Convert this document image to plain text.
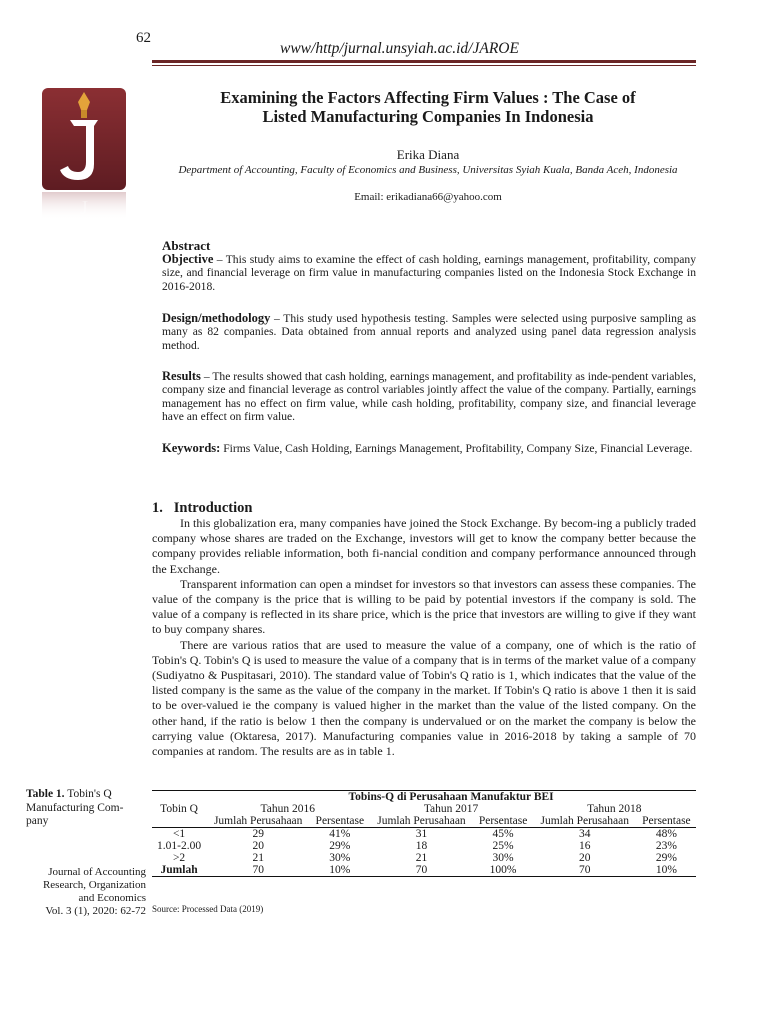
62
www/http/jurnal.unsyiah.ac.id/JAROE
J
Examining the Factors Affecting Firm Values : The Case of
Listed Manufacturing Companies In Indonesia
Erika Diana
Department of Accounting, Faculty of Economics and Business, Universitas Syiah Kuala, Banda Aceh, Indonesia
Email: erikadiana66@yahoo.com
Abstract
Objective – This study aims to examine the effect of cash holding, earnings management, profitability, company size, and financial leverage on firm value in manufacturing companies listed on the Indonesia Stock Exchange in 2016-2018.
Design/methodology – This study used hypothesis testing. Samples were selected using purposive sampling as many as 82 companies. Data obtained from annual reports and analyzed using panel data regression analysis method.
Results – The results showed that cash holding, earnings management, and profitability as inde-pendent variables, company size and financial leverage as control variables jointly affect the value of the company. Partially, earnings management has no effect on firm value, while cash holding, profitability, company size, and financial leverage have an effect on firm value.
Keywords: Firms Value, Cash Holding, Earnings Management, Profitability, Company Size, Financial Leverage.
1.   Introduction

In this globalization era, many companies have joined the Stock Exchange. By becom-ing a publicly traded company whose shares are traded on the Exchange, investors will get to know the company better because the company provides reliable information, both fi-nancial condition and company performance announced through the Exchange.

Transparent information can open a mindset for investors so that investors can assess these companies. The value of the company is the price that is willing to be paid by potential investors if the company is sold. The value of a company is reflected in its share price, which is the price that investors are willing to give if they want to buy company shares.

There are various ratios that are used to measure the value of a company, one of which is the ratio of Tobin's Q. Tobin's Q is used to measure the value of a company that is in terms of the market value of a company (Sudiyatno & Puspitasari, 2010). The standard value of Tobin's Q ratio is 1, which indicates that the value of the listed company is the same as the value of the company in the market. If Tobin's Q ratio is above 1 then it is said to be over-valued ie the company is valued higher in the market than the value of the listed company. On the other hand, if the ratio is below 1 then the company is undervalued or on the market the company is below the carrying value (Oktaresa, 2017). Manufacturing companies value in 2016-2018 by taking a sample of 70 companies at random. The results are as in table 1.

Table 1. Tobin's Q Manufacturing Com-pany
Journal of Accounting
Research, Organization
and Economics
Vol. 3 (1), 2020: 62-72
Tobin Q	Tobins-Q di Perusahaan Manufaktur BEI					
	Tahun 2016		Tahun 2017		Tahun 2018	
	Jumlah Perusahaan	Persentase	Jumlah Perusahaan	Persentase	Jumlah Perusahaan	Persentase
<1	29	41%	31	45%	34	48%
1.01-2.00	20	29%	18	25%	16	23%
>2	21	30%	21	30%	20	29%
Jumlah	70	10%	70	100%	70	10%
Source: Processed Data (2019)
